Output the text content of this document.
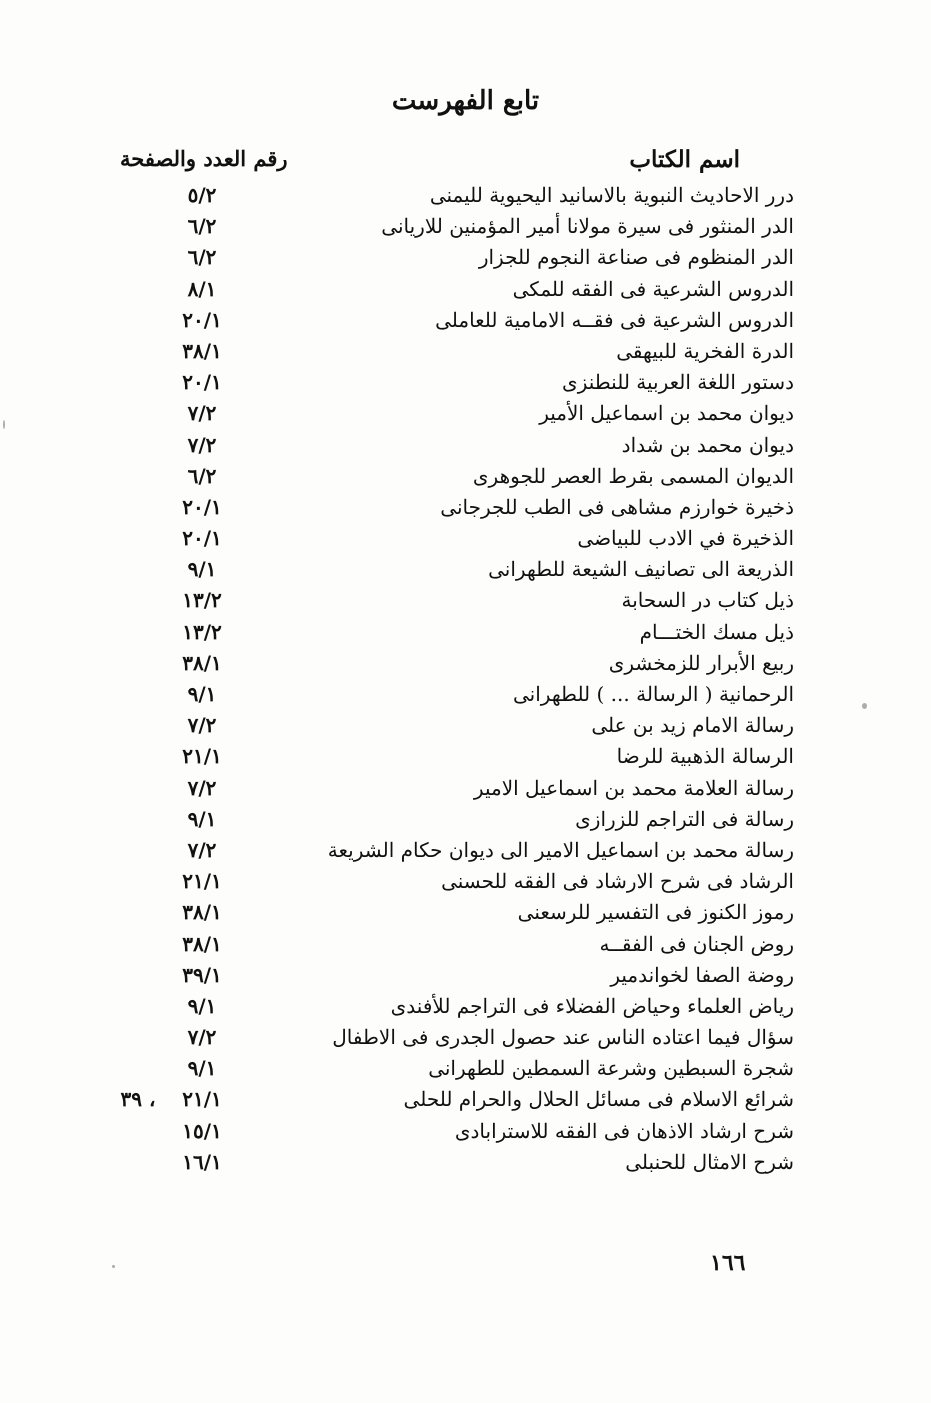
تابع الفهرست
اسم الكتاب
رقم العدد والصفحة
درر الاحاديث النبوية بالاسانيد اليحيوية لليمنى
٥/٢
الدر المنثور فى سيرة مولانا أمير المؤمنين للاريانى
٦/٢
الدر المنظوم فى صناعة النجوم للجزار
٦/٢
الدروس الشرعية فى الفقه للمكى
٨/١
الدروس الشرعية فى فقــه الامامية للعاملى
٢٠/١
الدرة الفخرية للبيهقى
٣٨/١
دستور اللغة العربية للنطنزى
٢٠/١
ديوان محمد بن اسماعيل الأمير
٧/٢
ديوان محمد بن شداد
٧/٢
الديوان المسمى بقرط العصر للجوهرى
٦/٢
ذخيرة خوارزم مشاهى فى الطب للجرجانى
٢٠/١
الذخيرة في الادب للبياضى
٢٠/١
الذريعة الى تصانيف الشيعة للطهرانى
٩/١
ذيل كتاب در السحابة
١٣/٢
ذيل مسك الختـــام
١٣/٢
ربيع الأبرار للزمخشرى
٣٨/١
الرحمانية ( الرسالة ... ) للطهرانى
٩/١
رسالة الامام زيد بن على
٧/٢
الرسالة الذهبية للرضا
٢١/١
رسالة العلامة محمد بن اسماعيل الامير
٧/٢
رسالة فى التراجم للزرازى
٩/١
رسالة محمد بن اسماعيل الامير الى ديوان حكام الشريعة
٧/٢
الرشاد فى شرح الارشاد فى الفقه للحسنى
٢١/١
رموز الكنوز فى التفسير للرسعنى
٣٨/١
روض الجنان فى الفقــه
٣٨/١
روضة الصفا لخواندمير
٣٩/١
رياض العلماء وحياض الفضلاء فى التراجم للأفندى
٩/١
سؤال فيما اعتاده الناس عند حصول الجدرى فى الاطفال
٧/٢
شجرة السبطين وشرعة السمطين للطهرانى
٩/١
شرائع الاسلام فى مسائل الحلال والحرام للحلى
٢١/١
، ٣٩
شرح ارشاد الاذهان فى الفقه للاسترابادى
١٥/١
شرح الامثال للحنبلى
١٦/١
١٦٦
